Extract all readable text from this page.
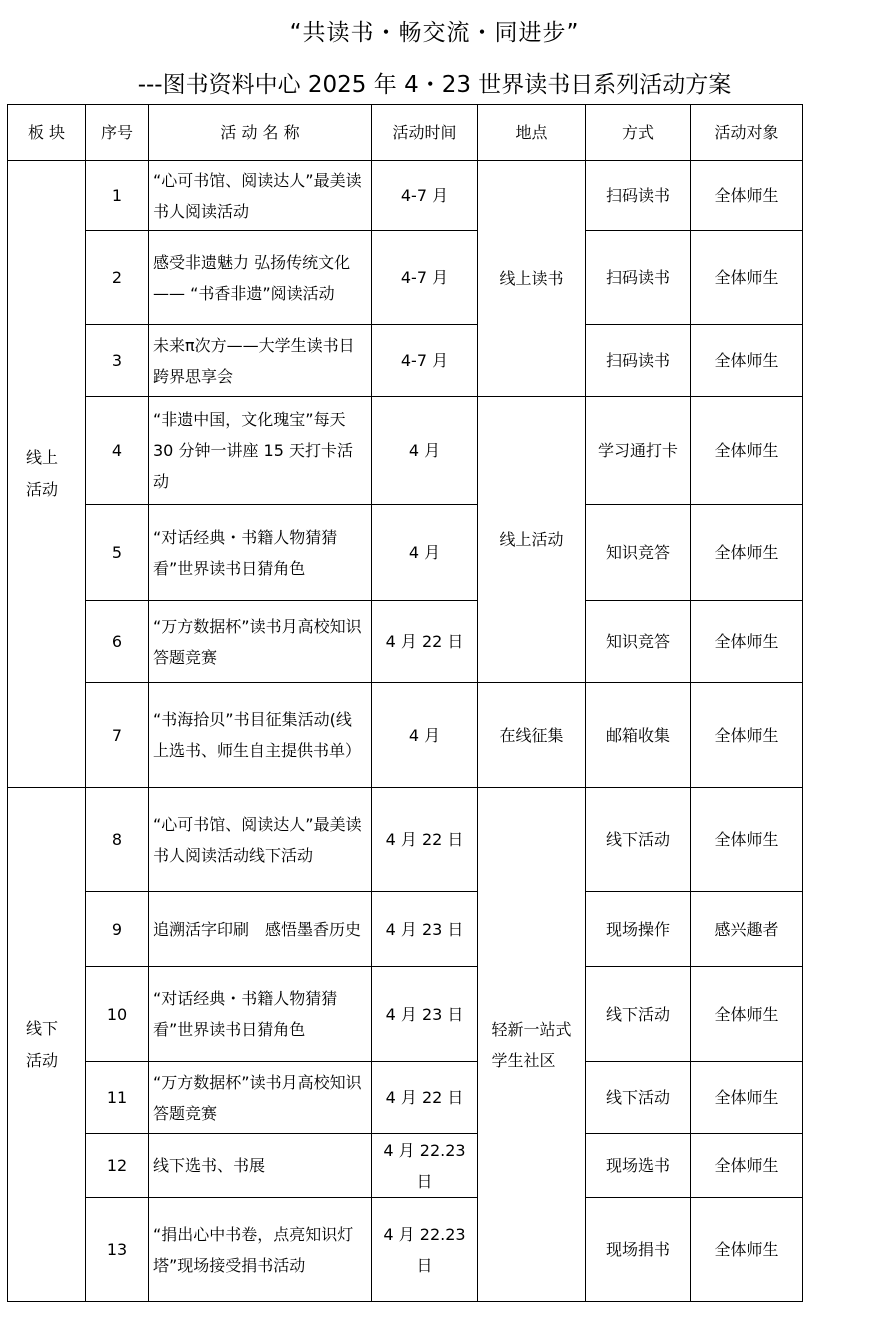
“共读书・畅交流・同进步”
---图书资料中心 2025 年 4・23 世界读书日系列活动方案
板 块	序号	活 动 名 称	活动时间	地点	方式	活动对象

线上活动	1	“心可书馆、阅读达人”最美读书人阅读活动	4-7 月	线上读书	扫码读书	全体师生
	2	感受非遗魅力 弘扬传统文化—— “书香非遗”阅读活动	4-7 月		扫码读书	全体师生
	3	未来π次方——大学生读书日跨界思享会	4-7 月		扫码读书	全体师生
	4	“非遗中国，文化瑰宝”每天 30 分钟一讲座 15 天打卡活动	4 月	线上活动	学习通打卡	全体师生
	5	“对话经典・书籍人物猜猜看”世界读书日猜角色	4 月		知识竞答	全体师生
	6	“万方数据杯”读书月高校知识答题竞赛	4 月 22 日		知识竞答	全体师生
	7	“书海拾贝”书目征集活动(线上选书、师生自主提供书单）	4 月	在线征集	邮箱收集	全体师生

线下活动	8	“心可书馆、阅读达人”最美读书人阅读活动线下活动	4 月 22 日	轻新一站式学生社区	线下活动	全体师生
	9	追溯活字印刷　感悟墨香历史	4 月 23 日		现场操作	感兴趣者
	10	“对话经典・书籍人物猜猜看”世界读书日猜角色	4 月 23 日		线下活动	全体师生
	11	“万方数据杯”读书月高校知识答题竞赛	4 月 22 日		线下活动	全体师生
	12	线下选书、书展	4 月 22.23 日		现场选书	全体师生
	13	“捐出心中书卷，点亮知识灯塔”现场接受捐书活动	4 月 22.23 日		现场捐书	全体师生
